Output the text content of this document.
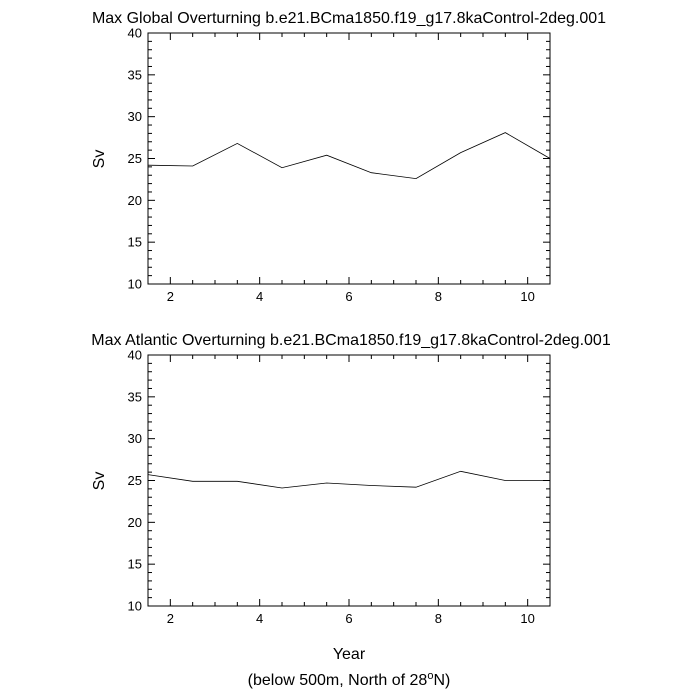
Max Global Overturning b.e21.BCma1850.f19_g17.8kaControl-2deg.001
Sv
10
15
20
25
30
35
40
2	4	6	8	10
Max Atlantic Overturning b.e21.BCma1850.f19_g17.8kaControl-2deg.001
Sv
Year
10
15
20
25
30
35
40
2	4	6	8	10
(below 500m, North of 28$^o$N)
